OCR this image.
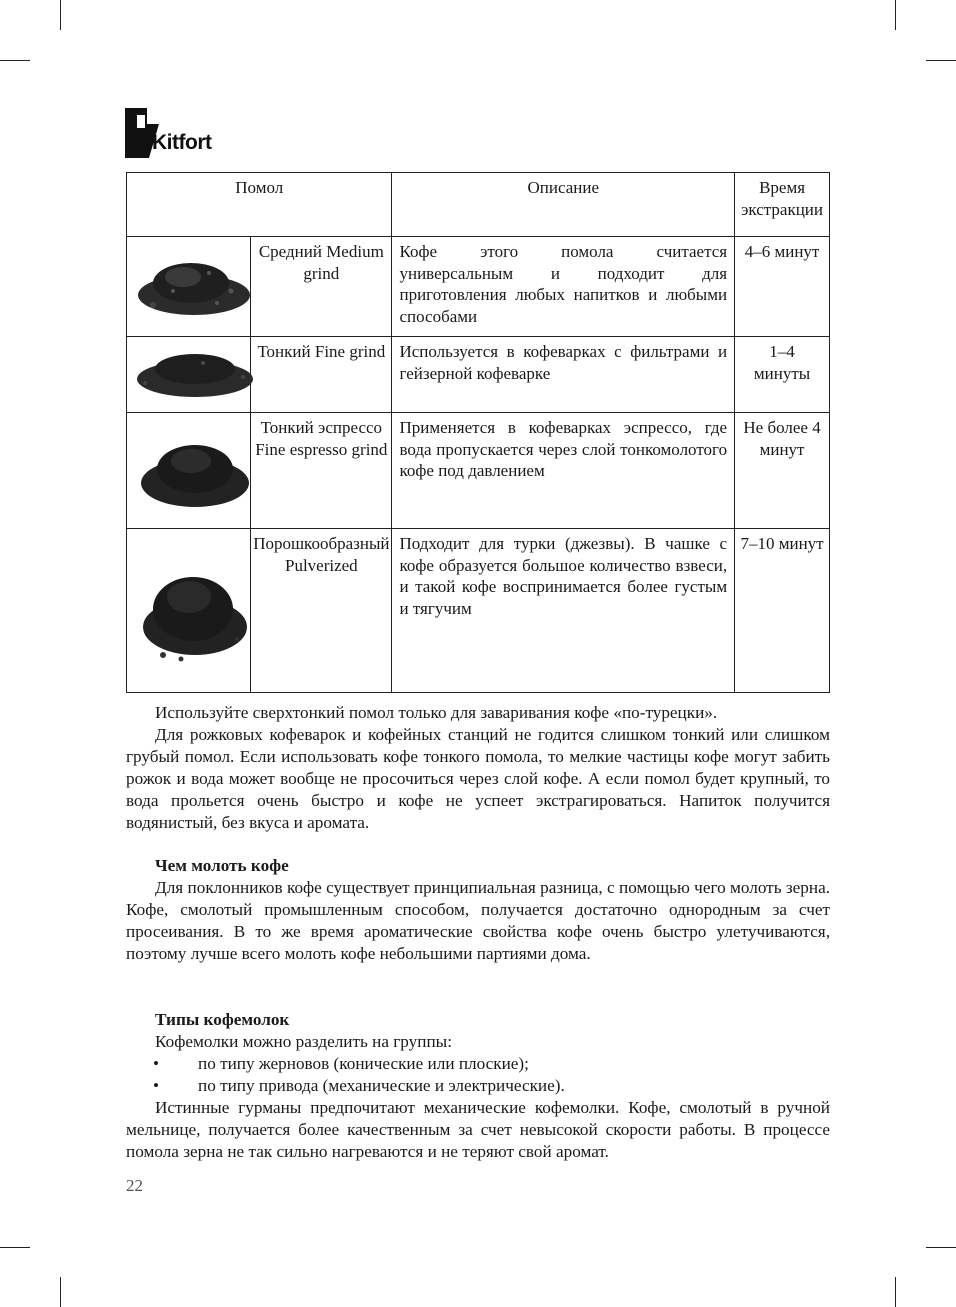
Kitfort
Помол		Описание	Время экстракции

	Средний Medium grind	Кофе этого помола считается универсальным и подходит для приготовления любых напитков и любыми способами	4–6 минут

	Тонкий Fine grind	Используется в кофеварках с фильтрами и гейзерной кофеварке	1–4 минуты

	Тонкий эспрессо Fine espresso grind	Применяется в кофеварках эспрессо, где вода пропускается через слой тонкомолотого кофе под давлением	Не более 4 минут

	Порошкообразный Pulverized	Подходит для турки (джезвы). В чашке с кофе образуется большое количество взвеси, и такой кофе воспринимается более густым и тягучим	7–10 минут

Используйте сверхтонкий помол только для заваривания кофе «по-турецки».

Для рожковых кофеварок и кофейных станций не годится слишком тонкий или слишком грубый помол. Если использовать кофе тонкого помола, то мелкие частицы кофе могут забить рожок и вода может вообще не просочиться через слой кофе. А если помол будет крупный, то вода прольется очень быстро и кофе не успеет экстрагироваться. Напиток получится водянистый, без вкуса и аромата.

Чем молоть кофе

Для поклонников кофе существует принципиальная разница, с помощью чего молоть зерна. Кофе, смолотый промышленным способом, получается достаточно однородным за счет просеивания. В то же время ароматические свойства кофе очень быстро улетучиваются, поэтому лучше всего молоть кофе небольшими партиями дома.

Типы кофемолок

Кофемолки можно разделить на группы:

•	по типу жерновов (конические или плоские);
•	по типу привода (механические и электрические).

Истинные гурманы предпочитают механические кофемолки. Кофе, смолотый в ручной мельнице, получается более качественным за счет невысокой скорости работы. В процессе помола зерна не так сильно нагреваются и не теряют свой аромат.

22
